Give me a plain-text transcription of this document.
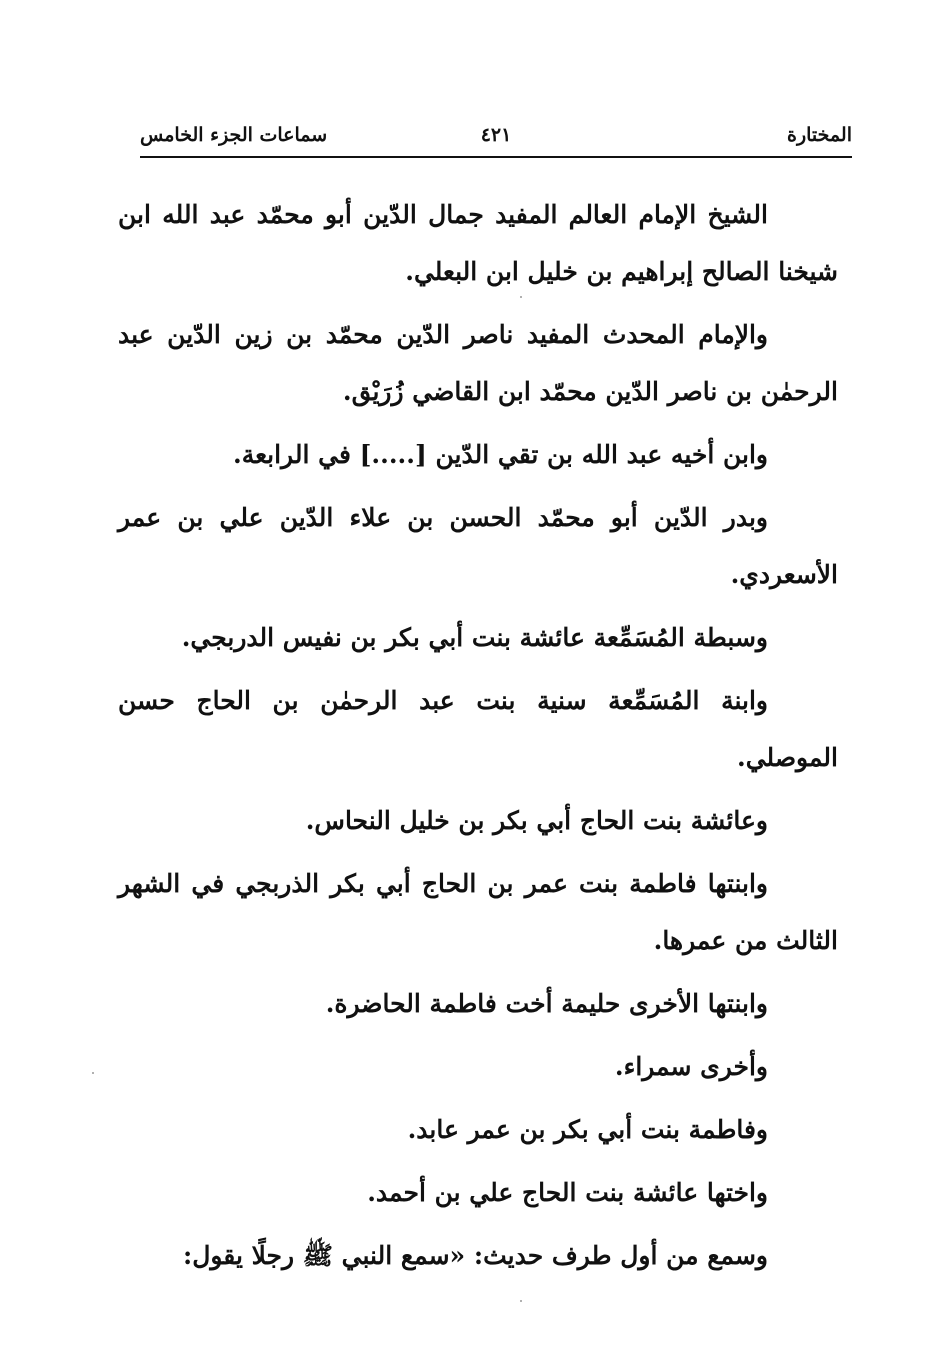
المختارة
٤٢١
سماعات الجزء الخامس

الشيخ الإمام العالم المفيد جمال الدّين أبو محمّد عبد الله ابن شيخنا الصالح إبراهيم بن خليل ابن البعلي.

والإمام المحدث المفيد ناصر الدّين محمّد بن زين الدّين عبد الرحمٰن بن ناصر الدّين محمّد ابن القاضي زُرَيْق.

وابن أخيه عبد الله بن تقي الدّين [.....] في الرابعة.

وبدر الدّين أبو محمّد الحسن بن علاء الدّين علي بن عمر الأسعردي.

وسبطة المُسَمِّعة عائشة بنت أبي بكر بن نفيس الدربجي.

وابنة المُسَمِّعة سنية بنت عبد الرحمٰن بن الحاج حسن الموصلي.

وعائشة بنت الحاج أبي بكر بن خليل النحاس.

وابنتها فاطمة بنت عمر بن الحاج أبي بكر الذربجي في الشهر الثالث من عمرها.

وابنتها الأخرى حليمة أخت فاطمة الحاضرة.

وأخرى سمراء.

وفاطمة بنت أبي بكر بن عمر عابد.

واختها عائشة بنت الحاج علي بن أحمد.

وسمع من أول طرف حديث: «سمع النبي ﷺ رجلًا يقول:
